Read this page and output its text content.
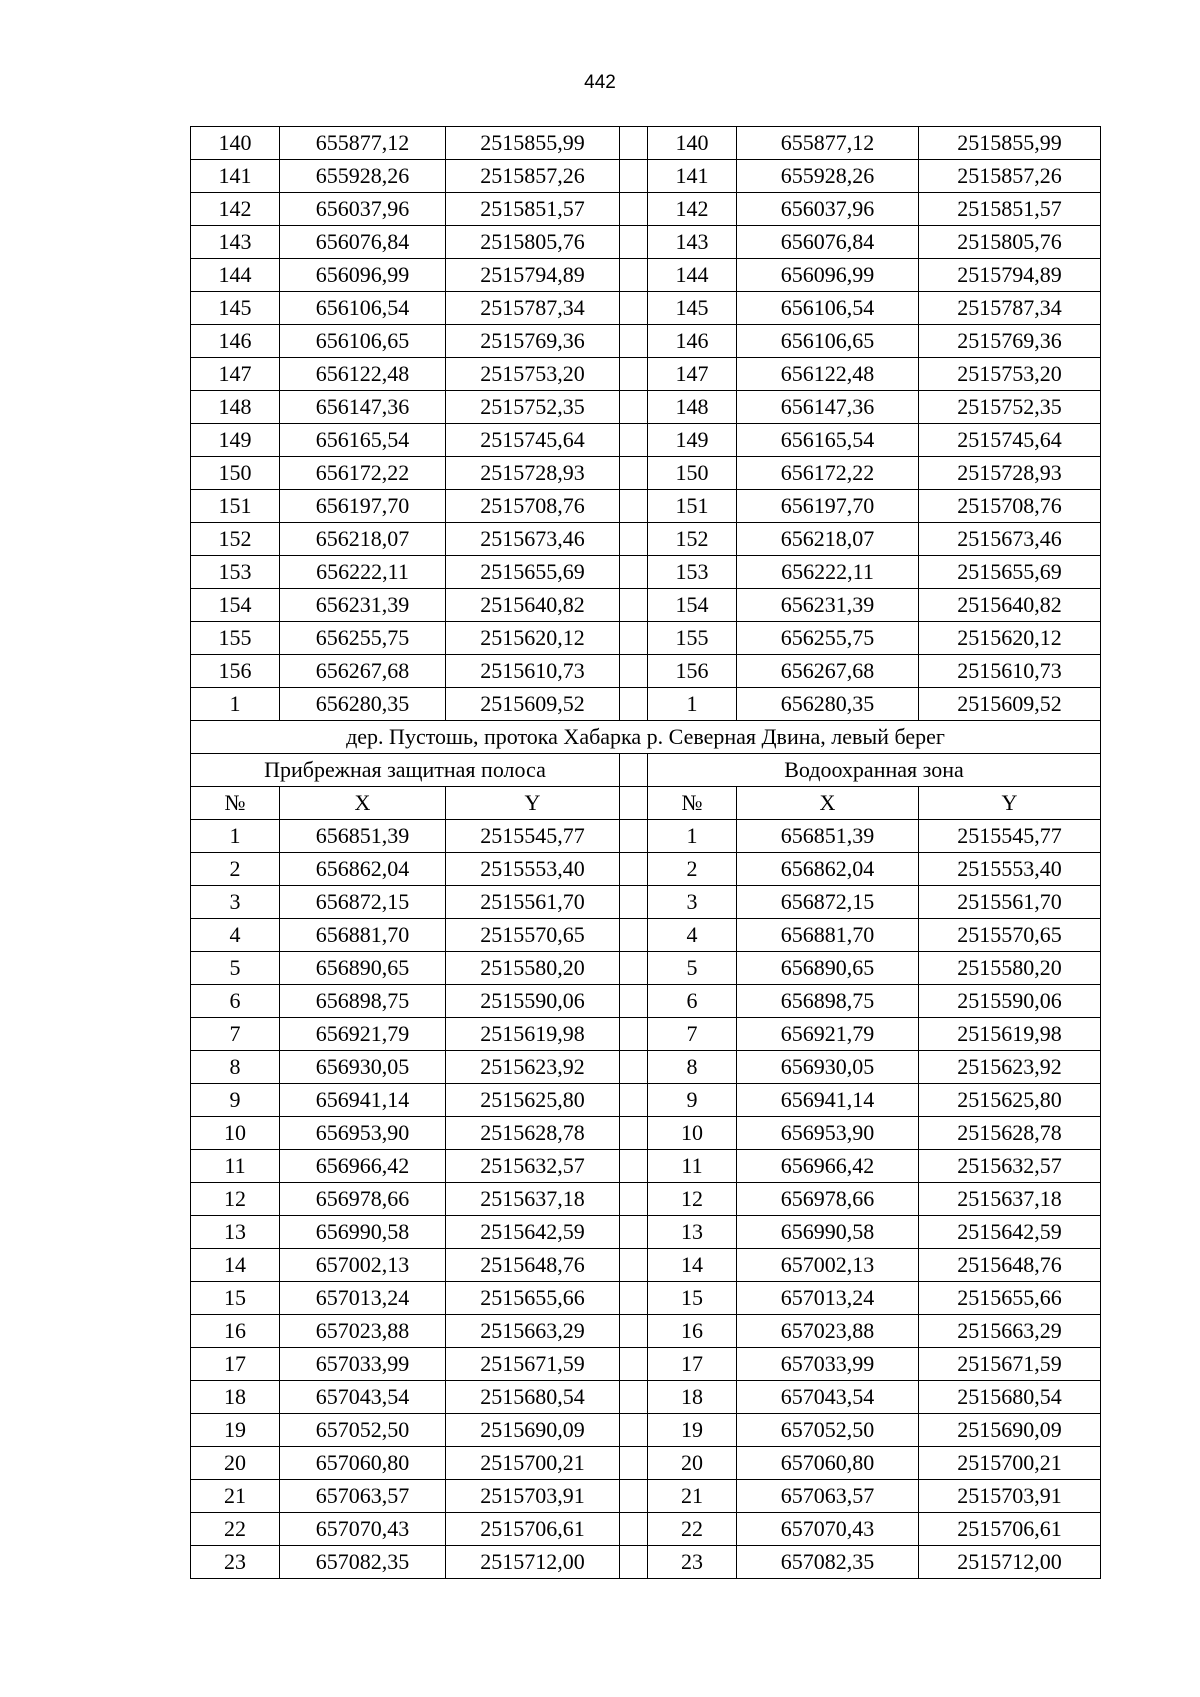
442
140	655877,12	2515855,99		140	655877,12	2515855,99
141	655928,26	2515857,26		141	655928,26	2515857,26
142	656037,96	2515851,57		142	656037,96	2515851,57
143	656076,84	2515805,76		143	656076,84	2515805,76
144	656096,99	2515794,89		144	656096,99	2515794,89
145	656106,54	2515787,34		145	656106,54	2515787,34
146	656106,65	2515769,36		146	656106,65	2515769,36
147	656122,48	2515753,20		147	656122,48	2515753,20
148	656147,36	2515752,35		148	656147,36	2515752,35
149	656165,54	2515745,64		149	656165,54	2515745,64
150	656172,22	2515728,93		150	656172,22	2515728,93
151	656197,70	2515708,76		151	656197,70	2515708,76
152	656218,07	2515673,46		152	656218,07	2515673,46
153	656222,11	2515655,69		153	656222,11	2515655,69
154	656231,39	2515640,82		154	656231,39	2515640,82
155	656255,75	2515620,12		155	656255,75	2515620,12
156	656267,68	2515610,73		156	656267,68	2515610,73
1	656280,35	2515609,52		1	656280,35	2515609,52
дер. Пустошь, протока Хабарка р. Северная Двина, левый берег						
Прибрежная защитная полоса				Водоохранная зона		
№	X	Y		№	X	Y
1	656851,39	2515545,77		1	656851,39	2515545,77
2	656862,04	2515553,40		2	656862,04	2515553,40
3	656872,15	2515561,70		3	656872,15	2515561,70
4	656881,70	2515570,65		4	656881,70	2515570,65
5	656890,65	2515580,20		5	656890,65	2515580,20
6	656898,75	2515590,06		6	656898,75	2515590,06
7	656921,79	2515619,98		7	656921,79	2515619,98
8	656930,05	2515623,92		8	656930,05	2515623,92
9	656941,14	2515625,80		9	656941,14	2515625,80
10	656953,90	2515628,78		10	656953,90	2515628,78
11	656966,42	2515632,57		11	656966,42	2515632,57
12	656978,66	2515637,18		12	656978,66	2515637,18
13	656990,58	2515642,59		13	656990,58	2515642,59
14	657002,13	2515648,76		14	657002,13	2515648,76
15	657013,24	2515655,66		15	657013,24	2515655,66
16	657023,88	2515663,29		16	657023,88	2515663,29
17	657033,99	2515671,59		17	657033,99	2515671,59
18	657043,54	2515680,54		18	657043,54	2515680,54
19	657052,50	2515690,09		19	657052,50	2515690,09
20	657060,80	2515700,21		20	657060,80	2515700,21
21	657063,57	2515703,91		21	657063,57	2515703,91
22	657070,43	2515706,61		22	657070,43	2515706,61
23	657082,35	2515712,00		23	657082,35	2515712,00
